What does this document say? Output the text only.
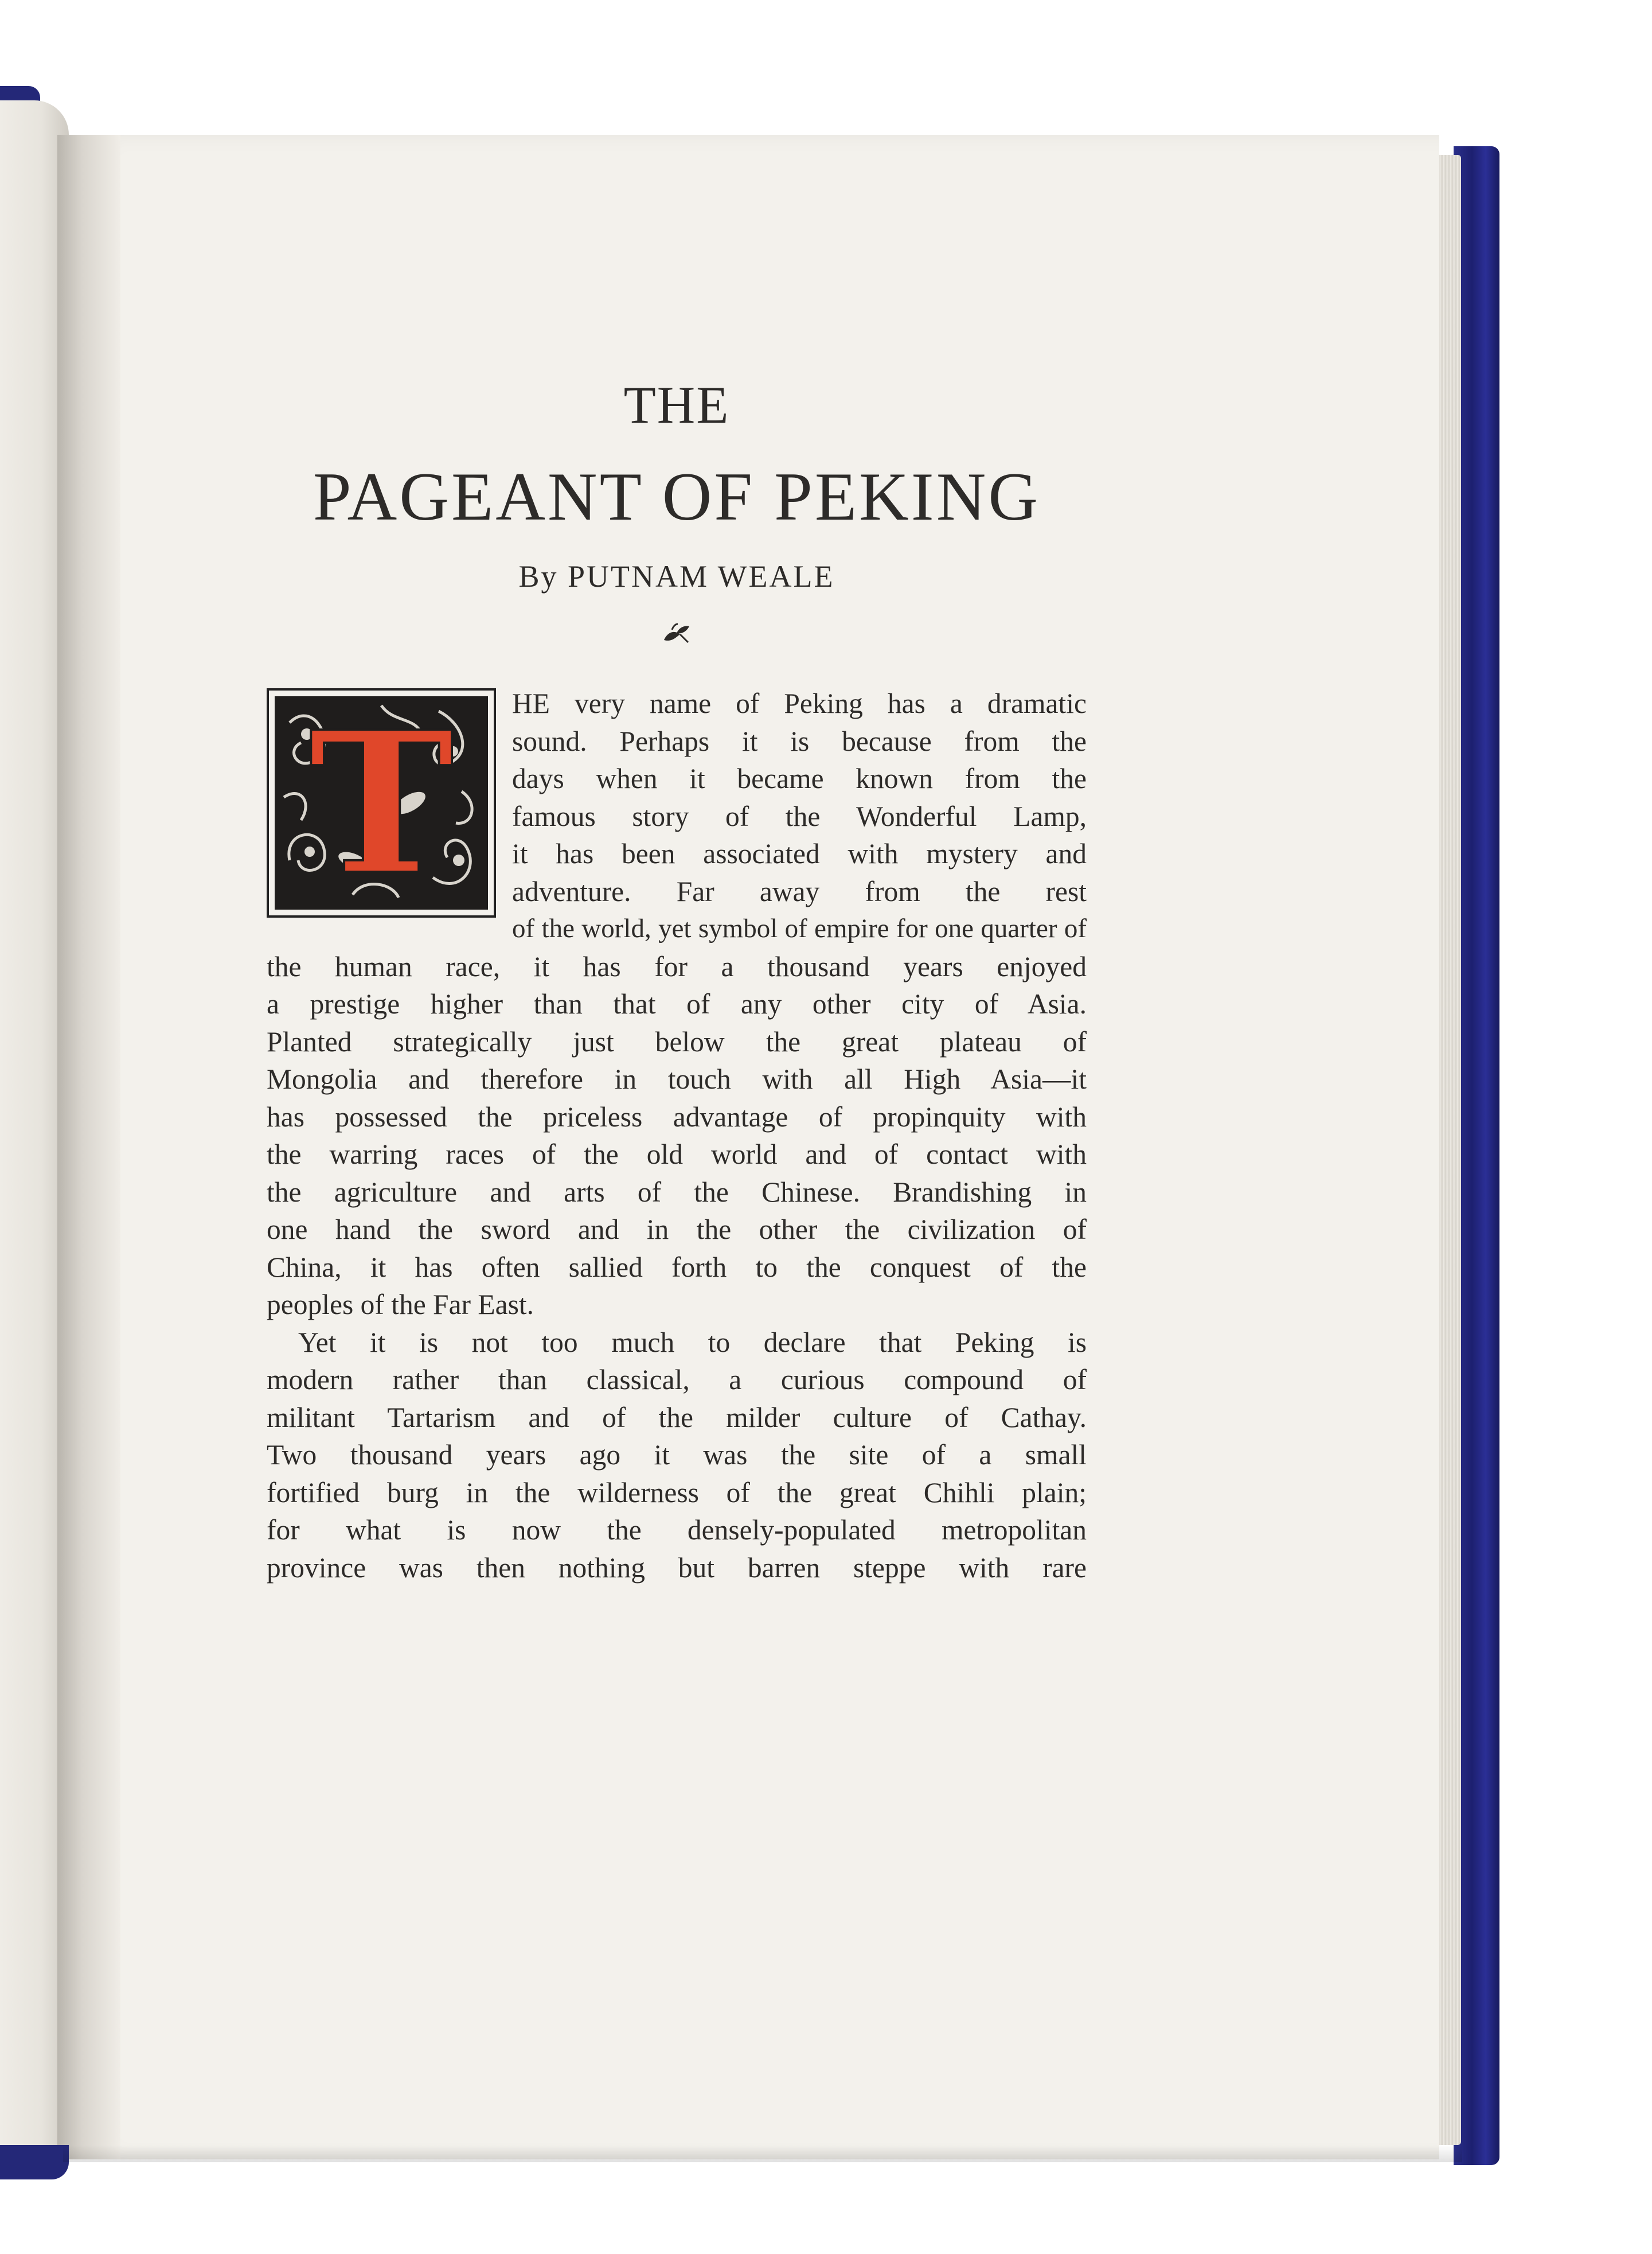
THE
PAGEANT OF PEKING
By PUTNAM WEALE
T	HE very name of Peking has a dramatic
sound. Perhaps it is because from the
days when it became known from the
famous story of the Wonderful Lamp,
it has been associated with mystery and
adventure. Far away from the rest
of the world, yet symbol of empire for one quarter of
the human race, it has for a thousand years enjoyed
a prestige higher than that of any other city of Asia.
Planted strategically just below the great plateau of
Mongolia and therefore in touch with all High Asia—it
has possessed the priceless advantage of propinquity with
the warring races of the old world and of contact with
the agriculture and arts of the Chinese. Brandishing in
one hand the sword and in the other the civilization of
China, it has often sallied forth to the conquest of the
peoples of the Far East.

Yet it is not too much to declare that Peking is
modern rather than classical, a curious compound of
militant Tartarism and of the milder culture of Cathay.
Two thousand years ago it was the site of a small
fortified burg in the wilderness of the great Chihli plain;
for what is now the densely-populated metropolitan
province was then nothing but barren steppe with rare
